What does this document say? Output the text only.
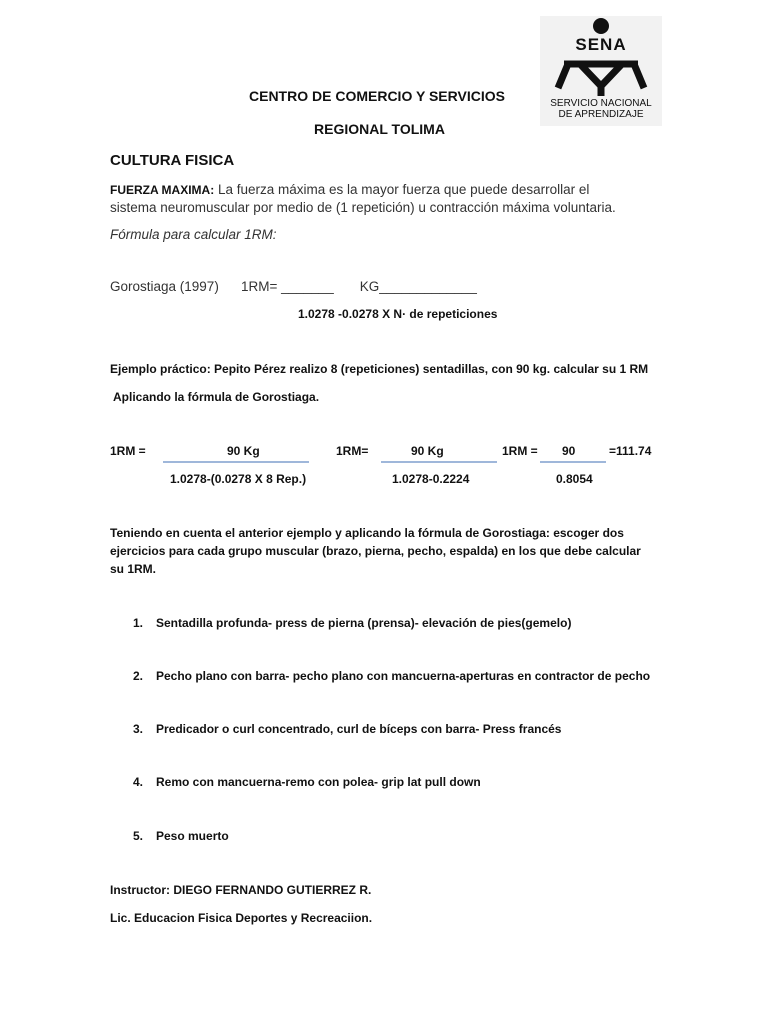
SENA
SERVICIO NACIONAL
DE APRENDIZAJE
CENTRO DE COMERCIO Y SERVICIOS
REGIONAL TOLIMA
CULTURA FISICA
FUERZA MAXIMA: La fuerza máxima es la mayor fuerza que puede desarrollar el
sistema neuromuscular por medio de (1 repetición) u contracción máxima voluntaria.
Fórmula para calcular 1RM:
Gorostiaga (1997) 1RM= _______ KG_____________
1.0278 -0.0278 X N· de repeticiones
Ejemplo práctico: Pepito Pérez realizo 8 (repeticiones) sentadillas, con 90 kg. calcular su 1 RM
Aplicando la fórmula de Gorostiaga.
1RM =	90 Kg
1.0278-(0.0278 X 8 Rep.)
1RM=	90 Kg
1.0278-0.2224
1RM = 90
0.8054
=111.74
Teniendo en cuenta el anterior ejemplo y aplicando la fórmula de Gorostiaga: escoger dos
ejercicios para cada grupo muscular (brazo, pierna, pecho, espalda) en los que debe calcular
su 1RM.
1. Sentadilla profunda- press de pierna (prensa)- elevación de pies(gemelo)
2. Pecho plano con barra- pecho plano con mancuerna-aperturas en contractor de pecho
3. Predicador o curl concentrado, curl de bíceps con barra- Press francés
4. Remo con mancuerna-remo con polea- grip lat pull down
5. Peso muerto
Instructor: DIEGO FERNANDO GUTIERREZ R.
Lic. Educacion Fisica Deportes y Recreaciion.
